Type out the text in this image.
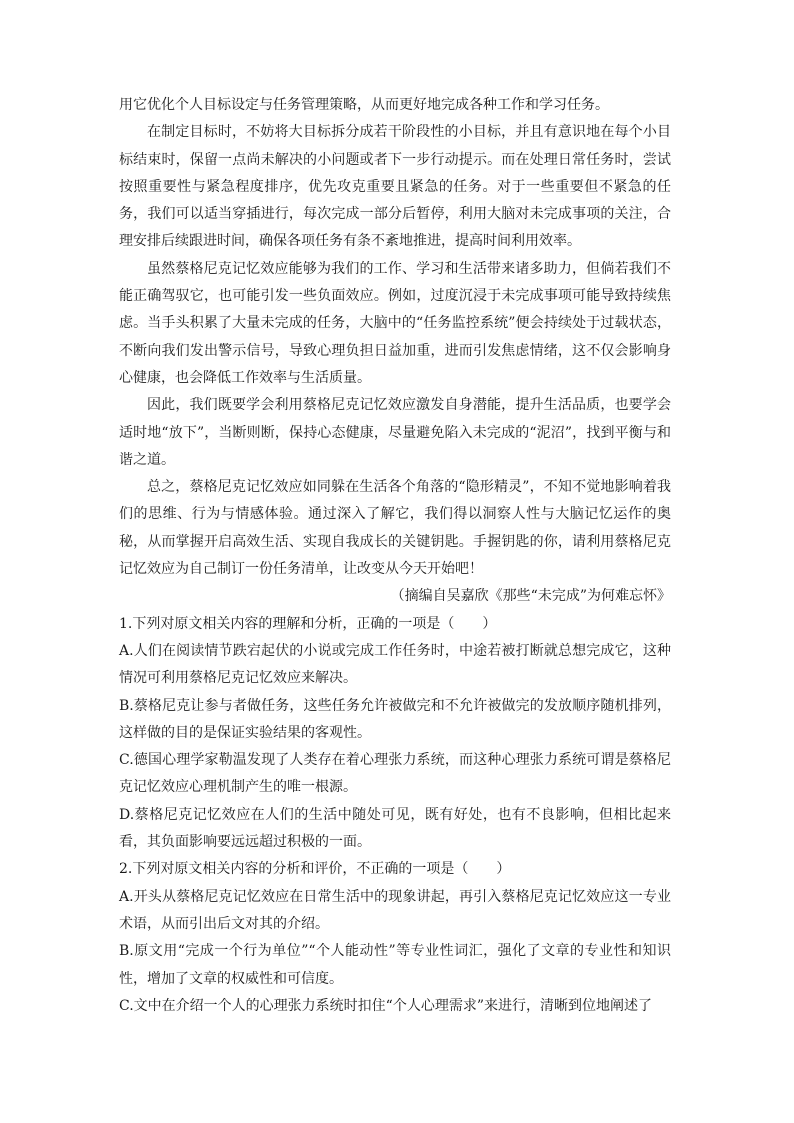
用它优化个人目标设定与任务管理策略，从而更好地完成各种工作和学习任务。

在制定目标时，不妨将大目标拆分成若干阶段性的小目标，并且有意识地在每个小目标结束时，保留一点尚未解决的小问题或者下一步行动提示。而在处理日常任务时，尝试按照重要性与紧急程度排序，优先攻克重要且紧急的任务。对于一些重要但不紧急的任务，我们可以适当穿插进行，每次完成一部分后暂停，利用大脑对未完成事项的关注，合理安排后续跟进时间，确保各项任务有条不紊地推进，提高时间利用效率。

虽然蔡格尼克记忆效应能够为我们的工作、学习和生活带来诸多助力，但倘若我们不能正确驾驭它，也可能引发一些负面效应。例如，过度沉浸于未完成事项可能导致持续焦虑。当手头积累了大量未完成的任务，大脑中的“任务监控系统”便会持续处于过载状态，不断向我们发出警示信号，导致心理负担日益加重，进而引发焦虑情绪，这不仅会影响身心健康，也会降低工作效率与生活质量。

因此，我们既要学会利用蔡格尼克记忆效应激发自身潜能，提升生活品质，也要学会适时地“放下”，当断则断，保持心态健康，尽量避免陷入未完成的“泥沼”，找到平衡与和谐之道。

总之，蔡格尼克记忆效应如同躲在生活各个角落的“隐形精灵”，不知不觉地影响着我们的思维、行为与情感体验。通过深入了解它，我们得以洞察人性与大脑记忆运作的奥秘，从而掌握开启高效生活、实现自我成长的关键钥匙。手握钥匙的你，请利用蔡格尼克记忆效应为自己制订一份任务清单，让改变从今天开始吧！

（摘编自吴嘉欣《那些“未完成”为何难忘怀》

1.下列对原文相关内容的理解和分析，正确的一项是（　　）

A.人们在阅读情节跌宕起伏的小说或完成工作任务时，中途若被打断就总想完成它，这种情况可利用蔡格尼克记忆效应来解决。

B.蔡格尼克让参与者做任务，这些任务允许被做完和不允许被做完的发放顺序随机排列，这样做的目的是保证实验结果的客观性。

C.德国心理学家勒温发现了人类存在着心理张力系统，而这种心理张力系统可谓是蔡格尼克记忆效应心理机制产生的唯一根源。

D.蔡格尼克记忆效应在人们的生活中随处可见，既有好处，也有不良影响，但相比起来看，其负面影响要远远超过积极的一面。

2.下列对原文相关内容的分析和评价，不正确的一项是（　　）

A.开头从蔡格尼克记忆效应在日常生活中的现象讲起，再引入蔡格尼克记忆效应这一专业术语，从而引出后文对其的介绍。

B.原文用“完成一个行为单位”“个人能动性”等专业性词汇，强化了文章的专业性和知识性，增加了文章的权威性和可信度。

C.文中在介绍一个人的心理张力系统时扣住“个人心理需求”来进行，清晰到位地阐述了
